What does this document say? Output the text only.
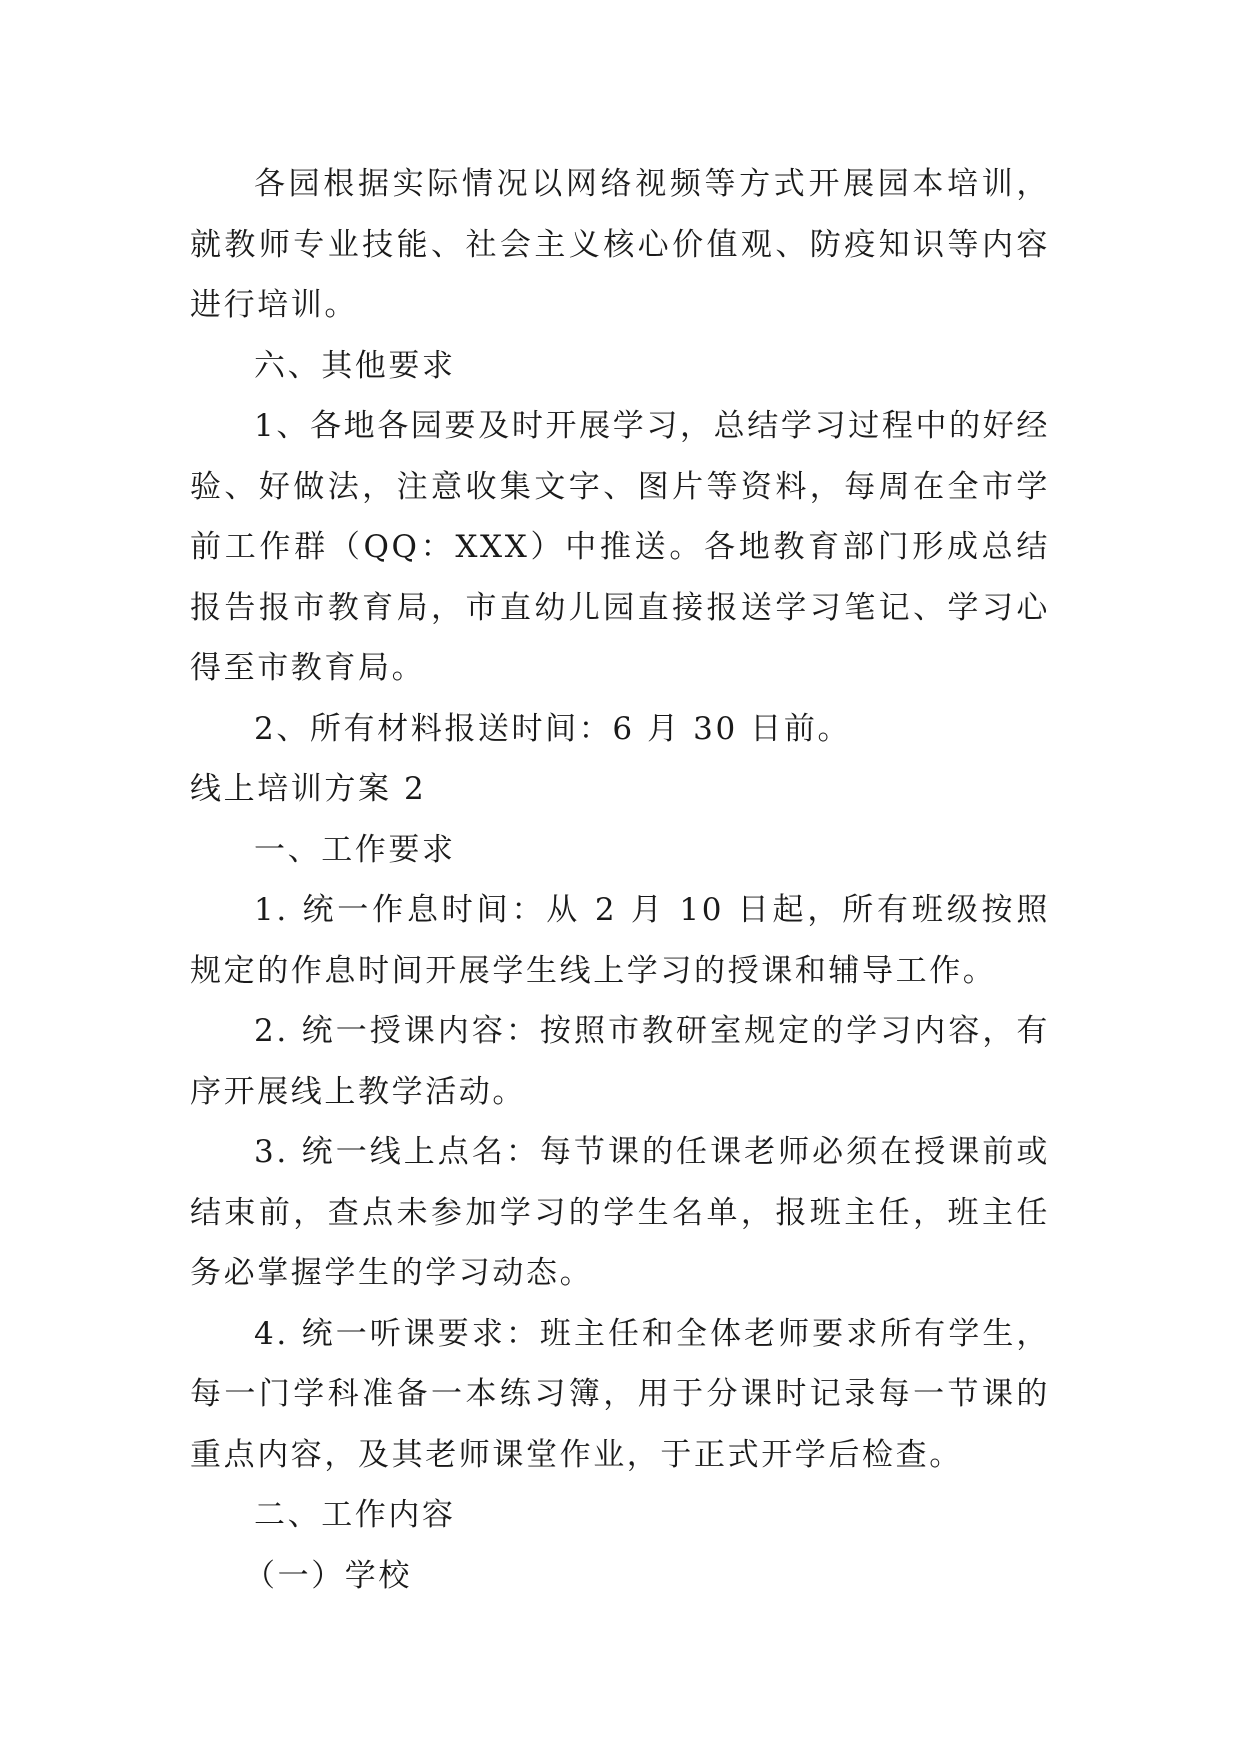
各园根据实际情况以网络视频等方式开展园本培训，就教师专业技能、社会主义核心价值观、防疫知识等内容进行培训。

六、其他要求

1、各地各园要及时开展学习，总结学习过程中的好经验、好做法，注意收集文字、图片等资料，每周在全市学前工作群（QQ：XXX）中推送。各地教育部门形成总结报告报市教育局，市直幼儿园直接报送学习笔记、学习心得至市教育局。

2、所有材料报送时间：6 月 30 日前。

线上培训方案 2

一、工作要求

1. 统一作息时间：从 2 月 10 日起，所有班级按照规定的作息时间开展学生线上学习的授课和辅导工作。

2. 统一授课内容：按照市教研室规定的学习内容，有序开展线上教学活动。

3. 统一线上点名：每节课的任课老师必须在授课前或结束前，查点未参加学习的学生名单，报班主任，班主任务必掌握学生的学习动态。

4. 统一听课要求：班主任和全体老师要求所有学生，每一门学科准备一本练习簿，用于分课时记录每一节课的重点内容，及其老师课堂作业，于正式开学后检查。

二、工作内容

（一）学校
